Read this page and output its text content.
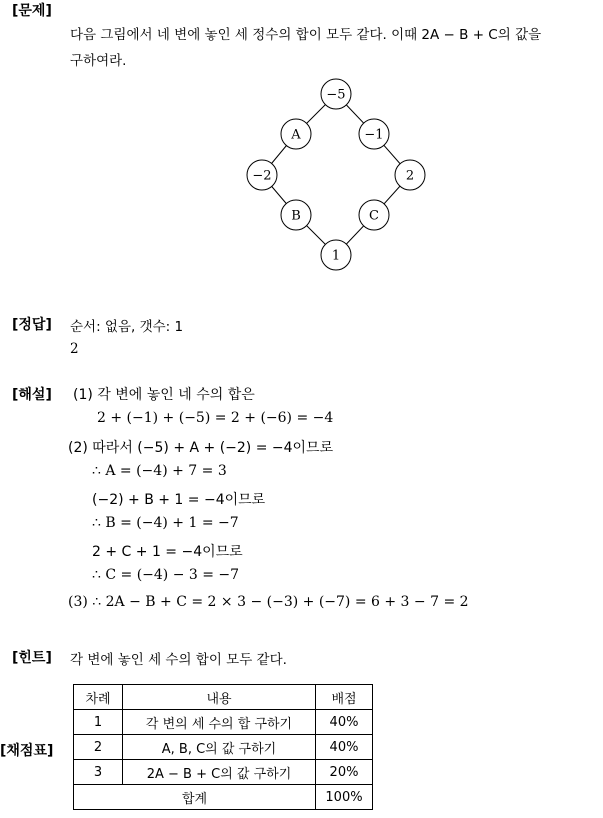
[문제]
다음 그림에서 네 변에 놓인 세 정수의 합이 모두 같다. 이때 2A − B + C의 값을
구하여라.
−5
A	−1
−2	2
B	C
1
[정답] 순서: 없음, 갯수: 1
2
[해설] (1) 각 변에 놓인 네 수의 합은
2 + (−1) + (−5) = 2 + (−6) = −4
(2) 따라서 (−5) + A + (−2) = −4이므로
∴ A = (−4) + 7 = 3
(−2) + B + 1 = −4이므로
∴ B = (−4) + 1 = −7
2 + C + 1 = −4이므로
∴ C = (−4) − 3 = −7
(3) ∴ 2A − B + C = 2 × 3 − (−3) + (−7) = 6 + 3 − 7 = 2
[힌트] 각 변에 놓인 세 수의 합이 모두 같다.
[채점표]
차례	내용	배점
1	각 변의 세 수의 합 구하기	40%
2	A, B, C의 값 구하기	40%
3	2A − B + C의 값 구하기	20%
합계		100%
